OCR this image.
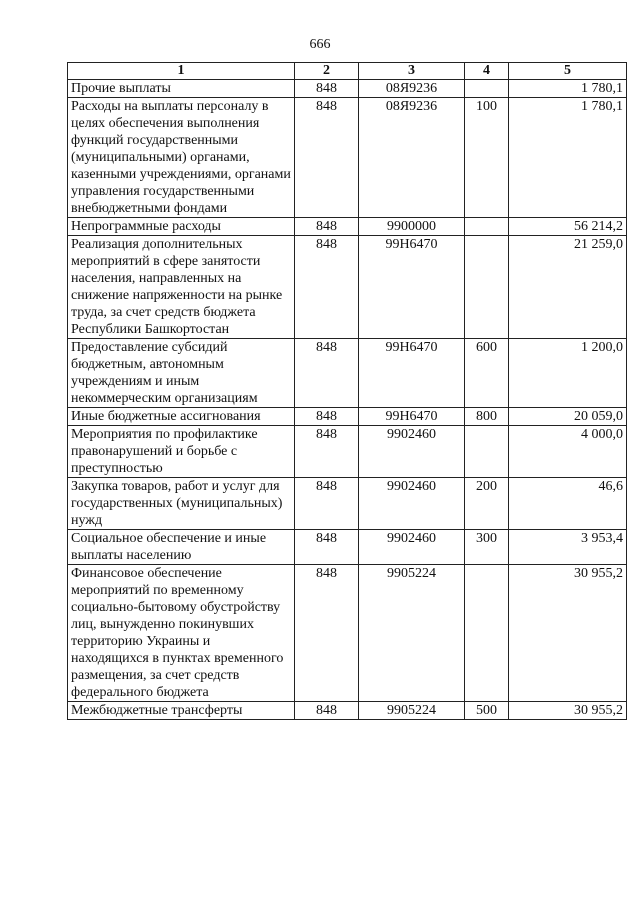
666
1	2	3	4	5
Прочие выплаты	848	08Я9236		1 780,1
Расходы на выплаты персоналу в целях обеспечения выполнения функций государственными (муниципальными) органами, казенными учреждениями, органами управления государственными внебюджетными фондами	848	08Я9236	100	1 780,1
Непрограммные расходы	848	9900000		56 214,2
Реализация дополнительных мероприятий в сфере занятости населения, направленных на снижение напряженности на рынке труда, за счет средств бюджета Республики Башкортостан	848	99Н6470		21 259,0
Предоставление субсидий бюджетным, автономным учреждениям и иным некоммерческим организациям	848	99Н6470	600	1 200,0
Иные бюджетные ассигнования	848	99Н6470	800	20 059,0
Мероприятия по профилактике правонарушений и борьбе с преступностью	848	9902460		4 000,0
Закупка товаров, работ и услуг для государственных (муниципальных) нужд	848	9902460	200	46,6
Социальное обеспечение и иные выплаты населению	848	9902460	300	3 953,4
Финансовое обеспечение мероприятий по временному социально-бытовому обустройству лиц, вынужденно покинувших территорию Украины и находящихся в пунктах временного размещения, за счет средств федерального бюджета	848	9905224		30 955,2
Межбюджетные трансферты	848	9905224	500	30 955,2
